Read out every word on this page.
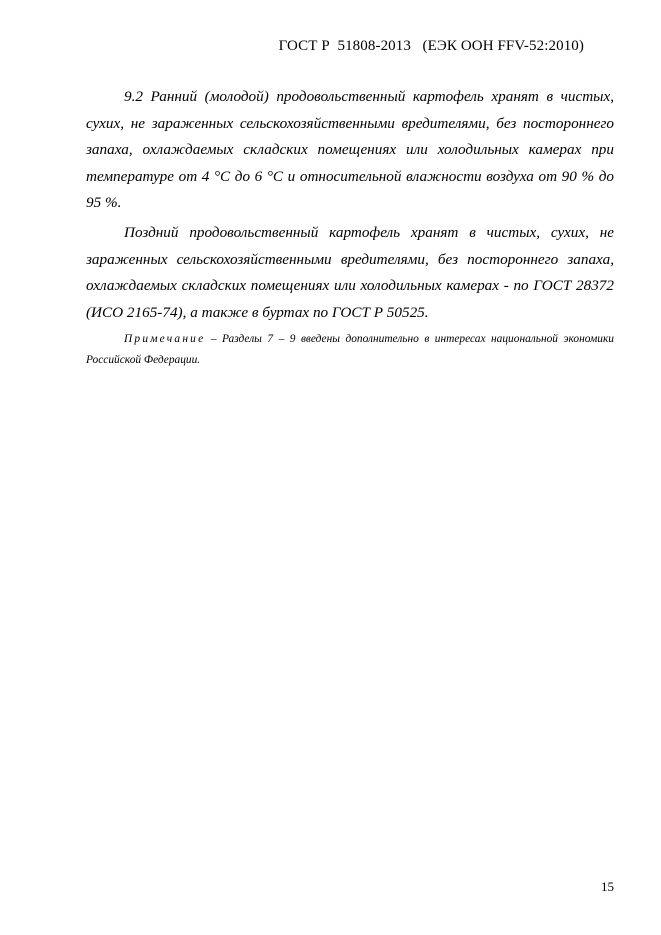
ГОСТ Р  51808-2013   (ЕЭК ООН FFV-52:2010)

9.2 Ранний (молодой) продовольственный картофель хранят в чистых, сухих, не зараженных сельскохозяйственными вредителями, без постороннего запаха, охлаждаемых складских помещениях или холодильных камерах при температуре от 4 °С до 6 °С и относительной влажности воздуха от 90 % до 95 %.

Поздний продовольственный картофель хранят в чистых, сухих, не зараженных сельскохозяйственными вредителями, без постороннего запаха, охлаждаемых складских помещениях или холодильных камерах - по ГОСТ 28372 (ИСО 2165-74), а также в буртах по ГОСТ Р 50525.

Примечание – Разделы 7 – 9 введены дополнительно в интересах национальной экономики Российской Федерации.

15
